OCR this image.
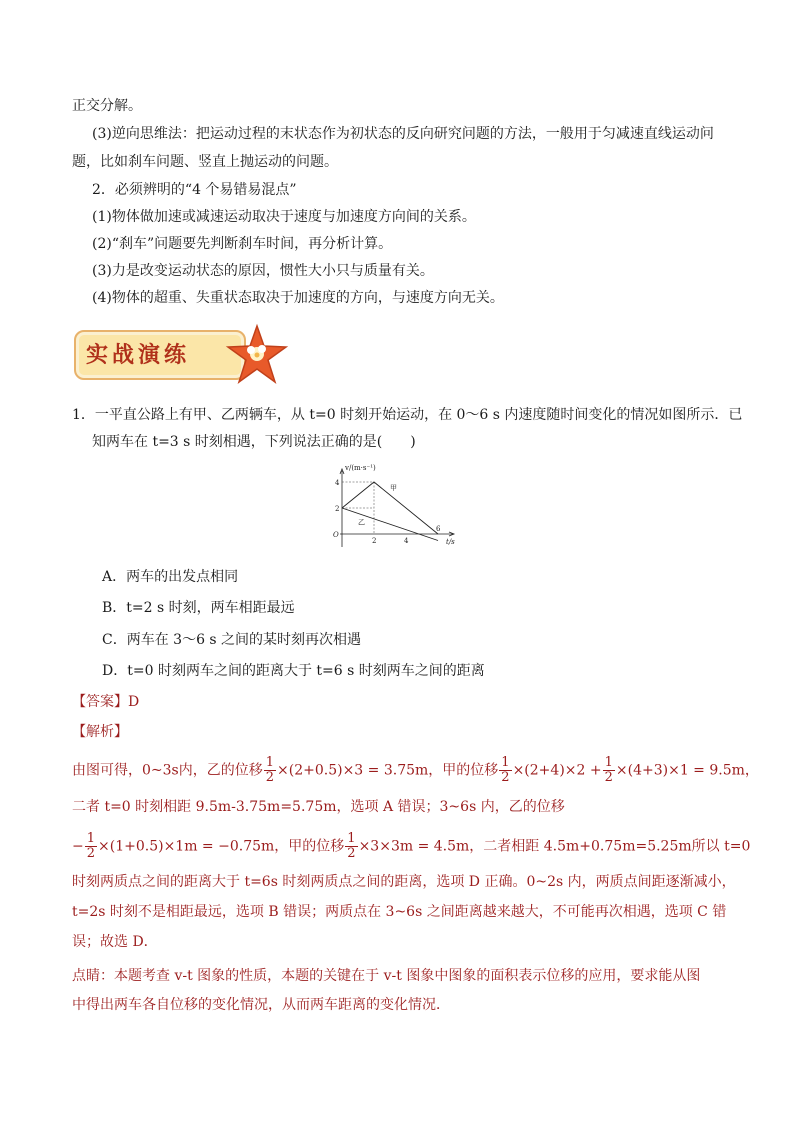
正交分解。
(3)逆向思维法：把运动过程的末状态作为初状态的反向研究问题的方法，一般用于匀减速直线运动问
题，比如刹车问题、竖直上抛运动的问题。
2．必须辨明的“4 个易错易混点”
(1)物体做加速或减速运动取决于速度与加速度方向间的关系。
(2)“刹车”问题要先判断刹车时间，再分析计算。
(3)力是改变运动状态的原因，惯性大小只与质量有关。
(4)物体的超重、失重状态取决于加速度的方向，与速度方向无关。
实战演练
1．一平直公路上有甲、乙两辆车，从 t=0 时刻开始运动，在 0～6 s 内速度随时间变化的情况如图所示．已
知两车在 t=3 s 时刻相遇，下列说法正确的是(　　)
v/(m·s⁻¹)
t/s
O
2
4
2	4
6
甲
乙
A．两车的出发点相同
B．t=2 s 时刻，两车相距最远
C．两车在 3～6 s 之间的某时刻再次相遇
D．t=0 时刻两车之间的距离大于 t=6 s 时刻两车之间的距离
【答案】D
【解析】
由图可得，0~3s内，乙的位移 $\frac{1}{2} \times(2+0.5)\times 3 = 3.75m$，甲的位移 $\frac{1}{2} \times(2+4)\times 2 + \frac{1}{2} \times(4+3)\times 1 = 9.5m$，
二者 t=0 时刻相距 9.5m-3.75m=5.75m，选项 A 错误；3~6s 内，乙的位移
− $\frac{1}{2} \times(1+0.5)\times 1m = -0.75m$，甲的位移 $\frac{1}{2} \times 3\times 3m = 4.5m$，二者相距 4.5m+0.75m=5.25m所以 t=0
时刻两质点之间的距离大于 t=6s 时刻两质点之间的距离，选项 D 正确。0~2s 内，两质点间距逐渐减小，
t=2s 时刻不是相距最远，选项 B 错误；两质点在 3~6s 之间距离越来越大，不可能再次相遇，选项 C 错
误；故选 D．
点睛：本题考查 v-t 图象的性质，本题的关键在于 v-t 图象中图象的面积表示位移的应用，要求能从图
中得出两车各自位移的变化情况，从而两车距离的变化情况．
